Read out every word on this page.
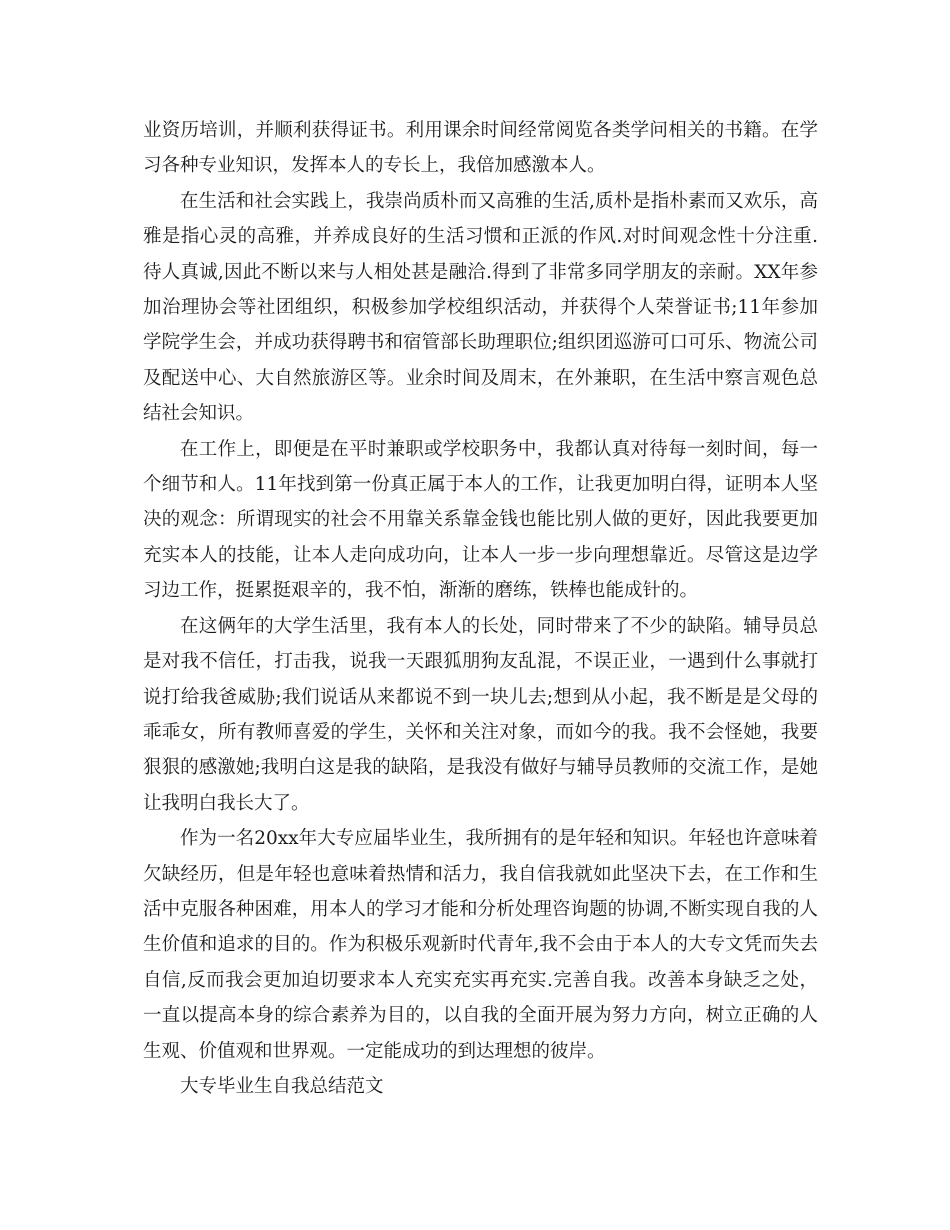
业资历培训，并顺利获得证书。利用课余时间经常阅览各类学问相关的书籍。在学习各种专业知识，发挥本人的专长上，我倍加感激本人。

在生活和社会实践上，我崇尚质朴而又高雅的生活,质朴是指朴素而又欢乐，高雅是指心灵的高雅，并养成良好的生活习惯和正派的作风.对时间观念性十分注重.待人真诚,因此不断以来与人相处甚是融洽.得到了非常多同学朋友的亲耐。XX年参加治理协会等社团组织，积极参加学校组织活动，并获得个人荣誉证书;11年参加学院学生会，并成功获得聘书和宿管部长助理职位;组织团巡游可口可乐、物流公司及配送中心、大自然旅游区等。业余时间及周末，在外兼职，在生活中察言观色总结社会知识。

在工作上，即便是在平时兼职或学校职务中，我都认真对待每一刻时间，每一个细节和人。11年找到第一份真正属于本人的工作，让我更加明白得，证明本人坚决的观念：所谓现实的社会不用靠关系靠金钱也能比别人做的更好，因此我要更加充实本人的技能，让本人走向成功向，让本人一步一步向理想靠近。尽管这是边学习边工作，挺累挺艰辛的，我不怕，渐渐的磨练，铁棒也能成针的。

在这俩年的大学生活里，我有本人的长处，同时带来了不少的缺陷。辅导员总是对我不信任，打击我，说我一天跟狐朋狗友乱混，不误正业，一遇到什么事就打说打给我爸威胁;我们说话从来都说不到一块儿去;想到从小起，我不断是是父母的乖乖女，所有教师喜爱的学生，关怀和关注对象，而如今的我。我不会怪她，我要狠狠的感激她;我明白这是我的缺陷，是我没有做好与辅导员教师的交流工作，是她让我明白我长大了。

作为一名20xx年大专应届毕业生，我所拥有的是年轻和知识。年轻也许意味着欠缺经历，但是年轻也意味着热情和活力，我自信我就如此坚决下去，在工作和生活中克服各种困难，用本人的学习才能和分析处理咨询题的协调,不断实现自我的人生价值和追求的目的。作为积极乐观新时代青年,我不会由于本人的大专文凭而失去自信,反而我会更加迫切要求本人充实充实再充实.完善自我。改善本身缺乏之处，一直以提高本身的综合素养为目的，以自我的全面开展为努力方向，树立正确的人生观、价值观和世界观。一定能成功的到达理想的彼岸。

大专毕业生自我总结范文
